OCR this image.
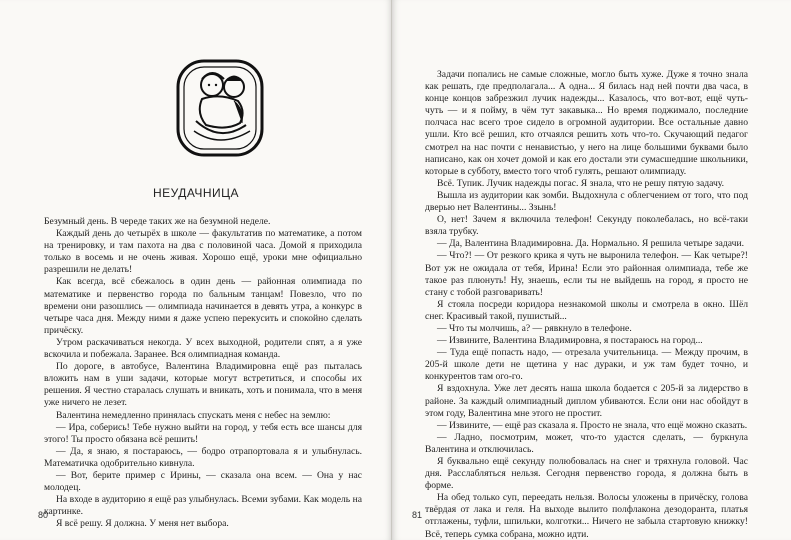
НЕУДАЧНИЦА

Безумный день. В череде таких же на безумной неделе.

Каждый день до четырёх в школе — факультатив по математике, а потом на тренировку, и там пахота на два с половиной часа. Домой я приходила только в восемь и не очень живая. Хорошо ещё, уроки мне официально разрешили не делать!

Как всегда, всё сбежалось в один день — районная олимпиада по математике и первенство города по бальным танцам! Повезло, что по времени они разошлись — олимпиада начинается в девять утра, а конкурс в четыре часа дня. Между ними я даже успею перекусить и спокойно сделать причёску.

Утром раскачиваться некогда. У всех выходной, родители спят, а я уже вскочила и побежала. Заранее. Вся олимпиадная команда.

По дороге, в автобусе, Валентина Владимировна ещё раз пыталась вложить нам в уши задачи, которые могут встретиться, и способы их решения. Я честно старалась слушать и вникать, хоть и понимала, что в меня уже ничего не лезет.

Валентина немедленно принялась спускать меня с небес на землю:

— Ира, соберись! Тебе нужно выйти на город, у тебя есть все шансы для этого! Ты просто обязана всё решить!

— Да, я знаю, я постараюсь, — бодро отрапортовала я и улыбнулась. Математичка одобрительно кивнула.

— Вот, берите пример с Ирины, — сказала она всем. — Она у нас молодец.

На входе в аудиторию я ещё раз улыбнулась. Всеми зубами. Как модель на картинке.

Я всё решу. Я должна. У меня нет выбора.

80

Задачи попались не самые сложные, могло быть хуже. Дуже я точно знала как решать, где предполагала... А одна... Я билась над ней почти два часа, в конце концов забрезжил лучик надежды... Казалось, что вот-вот, ещё чуть-чуть — и я пойму, в чём тут закавыка... Но время поджимало, последние полчаса нас всего трое сидело в огромной аудитории. Все остальные давно ушли. Кто всё решил, кто отчаялся решить хоть что-то. Скучающий педагог смотрел на нас почти с ненавистью, у него на лице большими буквами было написано, как он хочет домой и как его достали эти сумасшедшие школьники, которые в субботу, вместо того чтоб гулять, решают олимпиаду.

Всё. Тупик. Лучик надежды погас. Я знала, что не решу пятую задачу.

Вышла из аудитории как зомби. Выдохнула с облегчением от того, что под дверью нет Валентины... Ззынь!

О, нет! Зачем я включила телефон! Секунду поколебалась, но всё-таки взяла трубку.

— Да, Валентина Владимировна. Да. Нормально. Я решила четыре задачи.

— Что?! — От резкого крика я чуть не выронила телефон. — Как четыре?! Вот уж не ожидала от тебя, Ирина! Если это районная олимпиада, тебе же такое раз плюнуть! Ну, знаешь, если ты не выйдешь на город, я просто не стану с тобой разговаривать!

Я стояла посреди коридора незнакомой школы и смотрела в окно. Шёл снег. Красивый такой, пушистый...

— Что ты молчишь, а? — рявкнуло в телефоне.

— Извините, Валентина Владимировна, я постараюсь на город...

— Туда ещё попасть надо, — отрезала учительница. — Между прочим, в 205-й школе дети не щетина у нас дураки, и уж там будет точно, и конкурентов там ого-го.

Я вздохнула. Уже лет десять наша школа бодается с 205-й за лидерство в районе. За каждый олимпиадный диплом убиваются. Если они нас обойдут в этом году, Валентина мне этого не простит.

— Извините, — ещё раз сказала я. Просто не знала, что ещё можно сказать.

— Ладно, посмотрим, может, что-то удастся сделать, — буркнула Валентина и отключилась.

Я буквально ещё секунду полюбовалась на снег и тряхнула головой. Час дня. Расслабляться нельзя. Сегодня первенство города, я должна быть в форме.

На обед только суп, переедать нельзя. Волосы уложены в причёску, голова твёрдая от лака и геля. На выходе вылито полфлакона дезодоранта, платья отглажены, туфли, шпильки, колготки... Ничего не забыла стартовую книжку! Всё, теперь сумка собрана, можно идти.

81
